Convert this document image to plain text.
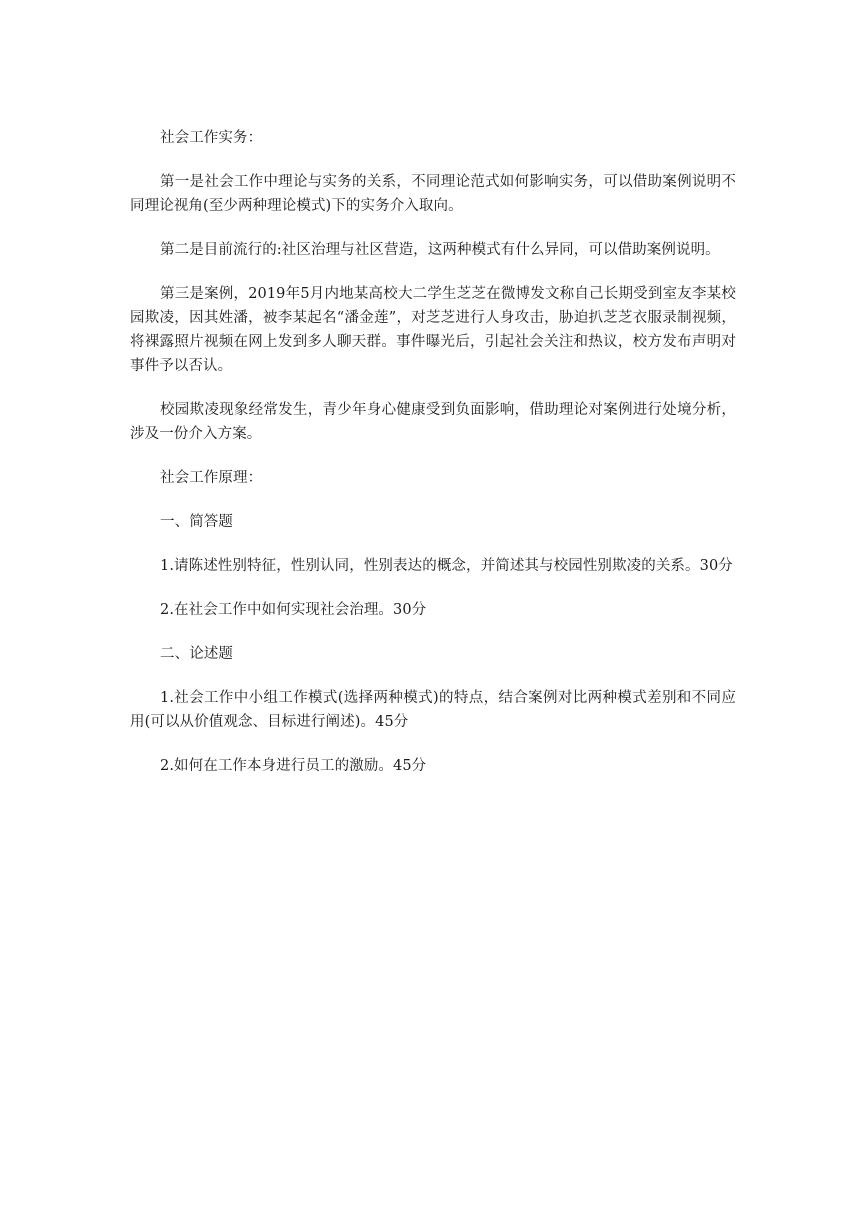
社会工作实务：

第一是社会工作中理论与实务的关系，不同理论范式如何影响实务，可以借助案例说明不同理论视角(至少两种理论模式)下的实务介入取向。

第二是目前流行的:社区治理与社区营造，这两种模式有什么异同，可以借助案例说明。

第三是案例，2019年5月内地某高校大二学生芝芝在微博发文称自己长期受到室友李某校园欺凌，因其姓潘，被李某起名“潘金莲”，对芝芝进行人身攻击，胁迫扒芝芝衣服录制视频，将裸露照片视频在网上发到多人聊天群。事件曝光后，引起社会关注和热议，校方发布声明对事件予以否认。

校园欺凌现象经常发生，青少年身心健康受到负面影响，借助理论对案例进行处境分析，涉及一份介入方案。

社会工作原理：

一、简答题

1.请陈述性别特征，性别认同，性别表达的概念，并简述其与校园性别欺凌的关系。30分

2.在社会工作中如何实现社会治理。30分

二、论述题

1.社会工作中小组工作模式(选择两种模式)的特点，结合案例对比两种模式差别和不同应用(可以从价值观念、目标进行阐述)。45分

2.如何在工作本身进行员工的激励。45分
